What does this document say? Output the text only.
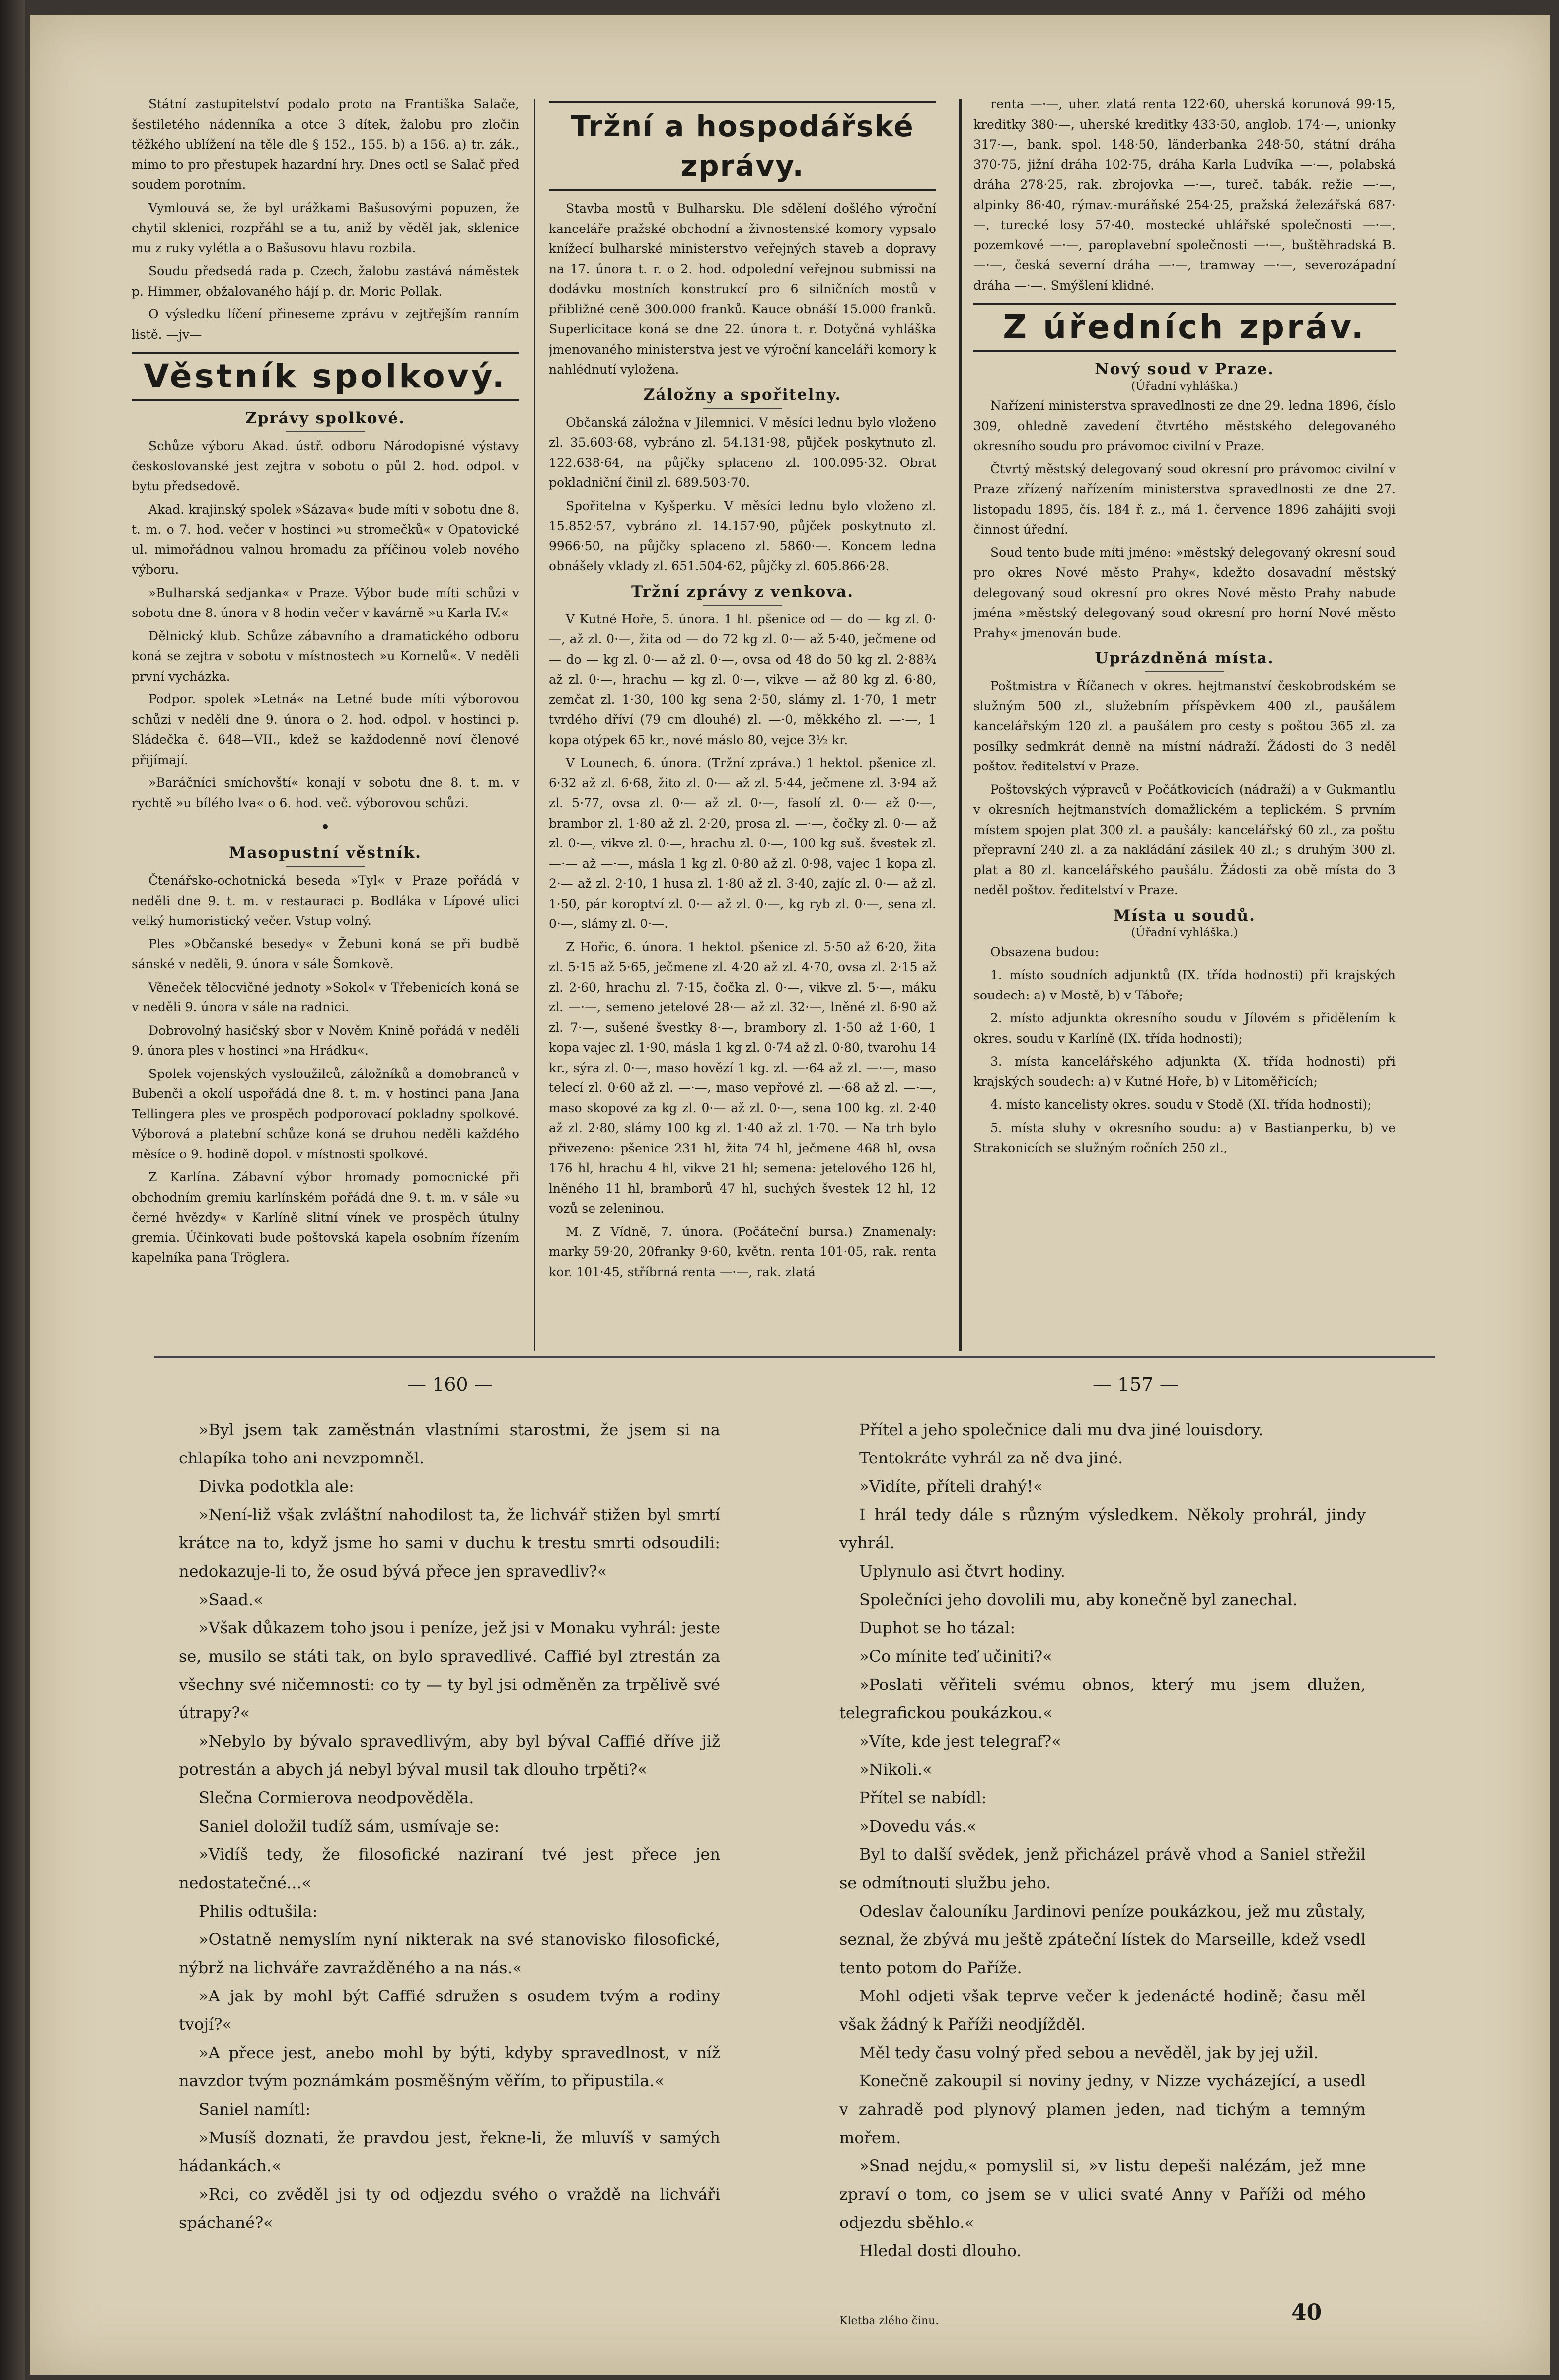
Státní zastupitelství podalo proto na Františka Salače, šestiletého nádenníka a otce 3 dítek, žalobu pro zločin těžkého ublížení na těle dle § 152., 155. b) a 156. a) tr. zák., mimo to pro přestupek hazardní hry. Dnes octl se Salač před soudem porotním.

Vymlouvá se, že byl urážkami Bašusovými popuzen, že chytil sklenici, rozpřáhl se a tu, aniž by věděl jak, sklenice mu z ruky vylétla a o Bašusovu hlavu rozbila.

Soudu předsedá rada p. Czech, žalobu zastává náměstek p. Himmer, obžalovaného hájí p. dr. Moric Pollak.

O výsledku líčení přineseme zprávu v zejtřejším ranním listě. —jv—

Věstník spolkový.
Zprávy spolkové.

Schůze výboru Akad. ústř. odboru Národopisné výstavy českoslovanské jest zejtra v sobotu o půl 2. hod. odpol. v bytu předsedově.

Akad. krajinský spolek »Sázava« bude míti v sobotu dne 8. t. m. o 7. hod. večer v hostinci »u stromečků« v Opatovické ul. mimořádnou valnou hromadu za příčinou voleb nového výboru.

»Bulharská sedjanka« v Praze. Výbor bude míti schůzi v sobotu dne 8. února v 8 hodin večer v kavárně »u Karla IV.«

Dělnický klub. Schůze zábavního a dramatického odboru koná se zejtra v sobotu v místnostech »u Kornelů«. V neděli první vycházka.

Podpor. spolek »Letná« na Letné bude míti výborovou schůzi v neděli dne 9. února o 2. hod. odpol. v hostinci p. Sládečka č. 648—VII., kdež se každodenně noví členové přijímají.

»Baráčníci smíchovští« konají v sobotu dne 8. t. m. v rychtě »u bílého lva« o 6. hod. več. výborovou schůzi.

•
Masopustní věstník.

Čtenářsko-ochotnická beseda »Tyl« v Praze pořádá v neděli dne 9. t. m. v restauraci p. Bodláka v Lípové ulici velký humoristický večer. Vstup volný.

Ples »Občanské besedy« v Žebuni koná se při budbě sánské v neděli, 9. února v sále Šomkově.

Věneček tělocvičné jednoty »Sokol« v Třebenicích koná se v neděli 9. února v sále na radnici.

Dobrovolný hasičský sbor v Nověm Knině pořádá v neděli 9. února ples v hostinci »na Hrádku«.

Spolek vojenských vysloužilců, záložníků a domobranců v Bubenči a okolí uspořádá dne 8. t. m. v hostinci pana Jana Tellingera ples ve prospěch podporovací pokladny spolkové. Výborová a platební schůze koná se druhou neděli každého měsíce o 9. hodině dopol. v místnosti spolkové.

Z Karlína. Zábavní výbor hromady pomocnické při obchodním gremiu karlínském pořádá dne 9. t. m. v sále »u černé hvězdy« v Karlíně slitní vínek ve prospěch útulny gremia. Účinkovati bude poštovská kapela osobním řízením kapelníka pana Tröglera.

Tržní a hospodářské zprávy.

Stavba mostů v Bulharsku. Dle sdělení došlého výroční kanceláře pražské obchodní a živnostenské komory vypsalo knížecí bulharské ministerstvo veřejných staveb a dopravy na 17. února t. r. o 2. hod. odpolední veřejnou submissi na dodávku mostních konstrukcí pro 6 silničních mostů v přibližné ceně 300.000 franků. Kauce obnáší 15.000 franků. Superlicitace koná se dne 22. února t. r. Dotyčná vyhláška jmenovaného ministerstva jest ve výroční kanceláři komory k nahlédnutí vyložena.

Záložny a spořitelny.

Občanská záložna v Jilemnici. V měsíci lednu bylo vloženo zl. 35.603·68, vybráno zl. 54.131·98, půjček poskytnuto zl. 122.638·64, na půjčky splaceno zl. 100.095·32. Obrat pokladniční činil zl. 689.503·70.

Spořitelna v Kyšperku. V měsíci lednu bylo vloženo zl. 15.852·57, vybráno zl. 14.157·90, půjček poskytnuto zl. 9966·50, na půjčky splaceno zl. 5860·—. Koncem ledna obnášely vklady zl. 651.504·62, půjčky zl. 605.866·28.

Tržní zprávy z venkova.

V Kutné Hoře, 5. února. 1 hl. pšenice od — do — kg zl. 0·—, až zl. 0·—, žita od — do 72 kg zl. 0·— až 5·40, ječmene od — do — kg zl. 0·— až zl. 0·—, ovsa od 48 do 50 kg zl. 2·88¾ až zl. 0·—, hrachu — kg zl. 0·—, vikve — až 80 kg zl. 6·80, zemčat zl. 1·30, 100 kg sena 2·50, slámy zl. 1·70, 1 metr tvrdého dříví (79 cm dlouhé) zl. —·0, měkkého zl. —·—, 1 kopa otýpek 65 kr., nové máslo 80, vejce 3½ kr.

V Lounech, 6. února. (Tržní zpráva.) 1 hektol. pšenice zl. 6·32 až zl. 6·68, žito zl. 0·— až zl. 5·44, ječmene zl. 3·94 až zl. 5·77, ovsa zl. 0·— až zl. 0·—, fasolí zl. 0·— až 0·—, brambor zl. 1·80 až zl. 2·20, prosa zl. —·—, čočky zl. 0·— až zl. 0·—, vikve zl. 0·—, hrachu zl. 0·—, 100 kg suš. švestek zl. —·— až —·—, másla 1 kg zl. 0·80 až zl. 0·98, vajec 1 kopa zl. 2·— až zl. 2·10, 1 husa zl. 1·80 až zl. 3·40, zajíc zl. 0·— až zl. 1·50, pár koroptví zl. 0·— až zl. 0·—, kg ryb zl. 0·—, sena zl. 0·—, slámy zl. 0·—.

Z Hořic, 6. února. 1 hektol. pšenice zl. 5·50 až 6·20, žita zl. 5·15 až 5·65, ječmene zl. 4·20 až zl. 4·70, ovsa zl. 2·15 až zl. 2·60, hrachu zl. 7·15, čočka zl. 0·—, vikve zl. 5·—, máku zl. —·—, semeno jetelové 28·— až zl. 32·—, lněné zl. 6·90 až zl. 7·—, sušené švestky 8·—, brambory zl. 1·50 až 1·60, 1 kopa vajec zl. 1·90, másla 1 kg zl. 0·74 až zl. 0·80, tvarohu 14 kr., sýra zl. 0·—, maso hovězí 1 kg. zl. —·64 až zl. —·—, maso telecí zl. 0·60 až zl. —·—, maso vepřové zl. —·68 až zl. —·—, maso skopové za kg zl. 0·— až zl. 0·—, sena 100 kg. zl. 2·40 až zl. 2·80, slámy 100 kg zl. 1·40 až zl. 1·70. — Na trh bylo přivezeno: pšenice 231 hl, žita 74 hl, ječmene 468 hl, ovsa 176 hl, hrachu 4 hl, vikve 21 hl; semena: jetelového 126 hl, lněného 11 hl, bramborů 47 hl, suchých švestek 12 hl, 12 vozů se zeleninou.

M. Z Vídně, 7. února. (Počáteční bursa.) Znamenaly: marky 59·20, 20franky 9·60, květn. renta 101·05, rak. renta kor. 101·45, stříbrná renta —·—, rak. zlatá

renta —·—, uher. zlatá renta 122·60, uherská korunová 99·15, kreditky 380·—, uherské kreditky 433·50, anglob. 174·—, unionky 317·—, bank. spol. 148·50, länderbanka 248·50, státní dráha 370·75, jižní dráha 102·75, dráha Karla Ludvíka —·—, polabská dráha 278·25, rak. zbrojovka —·—, tureč. tabák. režie —·—, alpinky 86·40, rýmav.-muráňské 254·25, pražská železářská 687·—, turecké losy 57·40, mostecké uhlářské společnosti —·—, pozemkové —·—, paroplavební společnosti —·—, buštěhradská B. —·—, česká severní dráha —·—, tramway —·—, severozápadní dráha —·—. Smýšlení klidné.

Z úředních zpráv.
Nový soud v Praze.
(Úřadní vyhláška.)

Nařízení ministerstva spravedlnosti ze dne 29. ledna 1896, číslo 309, ohledně zavedení čtvrtého městského delegovaného okresního soudu pro právomoc civilní v Praze.

Čtvrtý městský delegovaný soud okresní pro právomoc civilní v Praze zřízený nařízením ministerstva spravedlnosti ze dne 27. listopadu 1895, čís. 184 ř. z., má 1. července 1896 zahájiti svoji činnost úřední.

Soud tento bude míti jméno: »městský delegovaný okresní soud pro okres Nové město Prahy«, kdežto dosavadní městský delegovaný soud okresní pro okres Nové město Prahy nabude jména »městský delegovaný soud okresní pro horní Nové město Prahy« jmenován bude.

Uprázdněná místa.

Poštmistra v Říčanech v okres. hejtmanství českobrodském se služným 500 zl., služebním příspěvkem 400 zl., paušálem kancelářským 120 zl. a paušálem pro cesty s poštou 365 zl. za posílky sedmkrát denně na místní nádraží. Žádosti do 3 neděl poštov. ředitelství v Praze.

Poštovských výpravců v Počátkovicích (nádraží) a v Gukmantlu v okresních hejtmanstvích domažlickém a teplickém. S prvním místem spojen plat 300 zl. a paušály: kancelářský 60 zl., za poštu přepravní 240 zl. a za nakládání zásilek 40 zl.; s druhým 300 zl. plat a 80 zl. kancelářského paušálu. Žádosti za obě místa do 3 neděl poštov. ředitelství v Praze.

Místa u soudů.
(Úřadní vyhláška.)

Obsazena budou:

1. místo soudních adjunktů (IX. třída hodnosti) při krajských soudech: a) v Mostě, b) v Táboře;

2. místo adjunkta okresního soudu v Jílovém s přidělením k okres. soudu v Karlíně (IX. třída hodnosti);

3. místa kancelářského adjunkta (X. třída hodnosti) při krajských soudech: a) v Kutné Hoře, b) v Litoměřicích;

4. místo kancelisty okres. soudu v Stodě (XI. třída hodnosti);

5. místa sluhy v okresního soudu: a) v Bastianperku, b) ve Strakonicích se služným ročních 250 zl.,

— 160 —	— 157 —

»Byl jsem tak zaměstnán vlastními starostmi, že jsem si na chlapíka toho ani nevzpomněl.

Divka podotkla ale:

»Není-liž však zvláštní nahodilost ta, že lichvář stižen byl smrtí krátce na to, když jsme ho sami v duchu k trestu smrti odsoudili: nedokazuje-li to, že osud bývá přece jen spravedliv?«

»Saad.«

»Však důkazem toho jsou i peníze, jež jsi v Monaku vyhrál: jeste se, musilo se státi tak, on bylo spravedlivé. Caffié byl ztrestán za všechny své ničemnosti: co ty — ty byl jsi odměněn za trpělivě své útrapy?«

»Nebylo by bývalo spravedlivým, aby byl býval Caffié dříve již potrestán a abych já nebyl býval musil tak dlouho trpěti?«

Slečna Cormierova neodpověděla.

Saniel doložil tudíž sám, usmívaje se:

»Vidíš tedy, že filosofické naziraní tvé jest přece jen nedostatečné...«

Philis odtušila:

»Ostatně nemyslím nyní nikterak na své stanovisko filosofické, nýbrž na lichváře zavražděného a na nás.«

»A jak by mohl být Caffié sdružen s osudem tvým a rodiny tvojí?«

»A přece jest, anebo mohl by býti, kdyby spravedlnost, v níž navzdor tvým poznámkám posměšným věřím, to připustila.«

Saniel namítl:

»Musíš doznati, že pravdou jest, řekne-li, že mluvíš v samých hádankách.«

»Rci, co zvěděl jsi ty od odjezdu svého o vraždě na lichváři spáchané?«

Přítel a jeho společnice dali mu dva jiné louisdory.

Tentokráte vyhrál za ně dva jiné.

»Vidíte, příteli drahý!«

I hrál tedy dále s různým výsledkem. Několy prohrál, jindy vyhrál.

Uplynulo asi čtvrt hodiny.

Společníci jeho dovolili mu, aby konečně byl zanechal.

Duphot se ho tázal:

»Co mínite teď učiniti?«

»Poslati věřiteli svému obnos, který mu jsem dlužen, telegrafickou poukázkou.«

»Víte, kde jest telegraf?«

»Nikoli.«

Přítel se nabídl:

»Dovedu vás.«

Byl to další svědek, jenž přicházel právě vhod a Saniel střežil se odmítnouti službu jeho.

Odeslav čalouníku Jardinovi peníze poukázkou, jež mu zůstaly, seznal, že zbývá mu ještě zpáteční lístek do Marseille, kdež vsedl tento potom do Paříže.

Mohl odjeti však teprve večer k jedenácté hodině; času měl však žádný k Paříži neodjížděl.

Měl tedy času volný před sebou a nevěděl, jak by jej užil.

Konečně zakoupil si noviny jedny, v Nizze vycházející, a usedl v zahradě pod plynový plamen jeden, nad tichým a temným mořem.

»Snad nejdu,« pomyslil si, »v listu depeši nalézám, jež mne zpraví o tom, co jsem se v ulici svaté Anny v Paříži od mého odjezdu sběhlo.«

Hledal dosti dlouho.

Kletba zlého činu.	40
